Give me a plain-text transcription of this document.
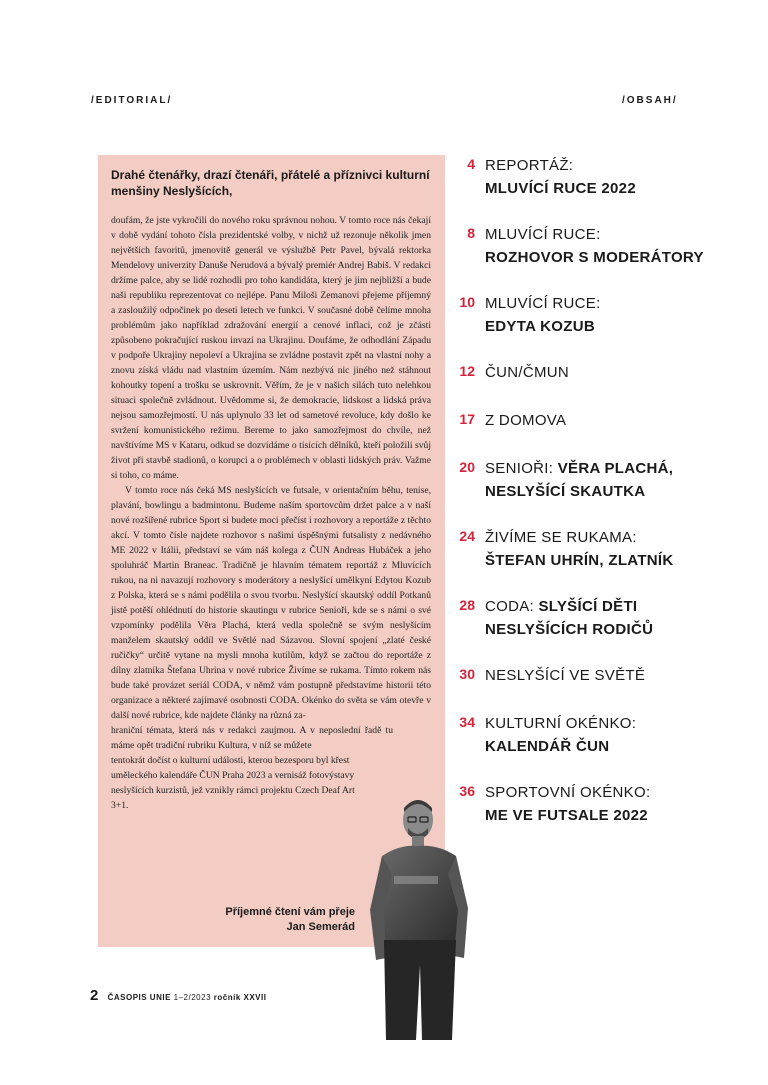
/EDITORIAL/	/OBSAH/
Drahé čtenářky, drazí čtenáři, přátelé a příznivci kulturní menšiny Neslyšících,

doufám, že jste vykročili do nového roku správnou nohou. V tomto roce nás čekají v době vydání tohoto čísla prezidentské volby, v nichž už rezonuje několik jmen největších favoritů, jmenovitě generál ve výslužbě Petr Pavel, bývalá rektorka Mendelovy univerzity Danuše Nerudová a bývalý premiér Andrej Babiš. V redakci držíme palce, aby se lidé rozhodli pro toho kandidáta, který je jim nejbližší a bude naši republiku reprezentovat co nejlépe. Panu Miloši Zemanovi přejeme příjemný a zasloužilý odpočinek po deseti letech ve funkci. V současné době čelíme mnoha problémům jako například zdražování energií a cenové inflaci, což je zčásti způsobeno pokračující ruskou invazí na Ukrajinu. Doufáme, že odhodlání Západu v podpoře Ukrajiny nepoleví a Ukrajina se zvládne postavit zpět na vlastní nohy a znovu získá vládu nad vlastním územím. Nám nezbývá nic jiného než stáhnout kohoutky topení a trošku se uskrovnit. Věřím, že je v našich silách tuto nelehkou situaci společně zvládnout. Uvědomme si, že demokracie, lidskost a lidská práva nejsou samozřejmostí. U nás uplynulo 33 let od sametové revoluce, kdy došlo ke svržení komunistického režimu. Bereme to jako samozřejmost do chvíle, než navštívíme MS v Kataru, odkud se dozvídáme o tisících dělníků, kteří položili svůj život při stavbě stadionů, o korupci a o problémech v oblasti lidských práv. Važme si toho, co máme.

V tomto roce nás čeká MS neslyšících ve futsale, v orientačním běhu, tenise, plavání, bowlingu a badmintonu. Budeme naším sportovcům držet palce a v naší nové rozšířené rubrice Sport si budete moci přečíst i rozhovory a reportáže z těchto akcí. V tomto čísle najdete rozhovor s našimi úspěšnými futsalisty z nedávného ME 2022 v Itálii, představí se vám náš kolega z ČUN Andreas Hubáček a jeho spoluhráč Martin Braneac. Tradičně je hlavním tématem reportáž z Mluvících rukou, na ni navazují rozhovory s moderátory a neslyšící umělkyní Edytou Kozub z Polska, která se s námi podělila o svou tvorbu. Neslyšící skautský oddíl Potkanů jistě potěší ohlédnutí do historie skautingu v rubrice Senioři, kde se s námi o své vzpomínky podělila Věra Plachá, která vedla společně se svým neslyšícím manželem skautský oddíl ve Světlé nad Sázavou. Slovní spojení „zlaté české ručičky“ určitě vytane na mysli mnoha kutilům, když se začtou do reportáže z dílny zlatníka Štefana Uhrina v nové rubrice Živíme se rukama. Tímto rokem nás bude také provázet seriál CODA, v němž vám postupně představíme historii této organizace a některé zajímavé osobnosti CODA. Okénko do světa se vám otevře v další nové rubrice, kde najdete články na různá za-

hraniční témata, která nás v redakci zaujmou. A v neposlední řadě tu máme opět tradiční rubriku Kultura, v níž se můžete

tentokrát dočíst o kulturní události, kterou bezesporu byl křest uměleckého kalendáře ČUN Praha 2023 a vernisáž fotovýstavy neslyšících kurzistů, jež vznikly rámci projektu Czech Deaf Art 3+1.

Příjemné čtení vám přeje
Jan Semerád
4 REPORTÁŽ:
MLUVÍCÍ RUCE 2022
8 MLUVÍCÍ RUCE:
ROZHOVOR S MODERÁTORY
10 MLUVÍCÍ RUCE:
EDYTA KOZUB
12 ČUN/ČMUN
17 Z DOMOVA
20 SENIOŘI: VĚRA PLACHÁ,
NESLYŠÍCÍ SKAUTKA
24 ŽIVÍME SE RUKAMA:
ŠTEFAN UHRÍN, ZLATNÍK
28 CODA: SLYŠÍCÍ DĚTI
NESLYŠÍCÍCH RODIČŮ
30 NESLYŠÍCÍ VE SVĚTĚ
34 KULTURNÍ OKÉNKO:
KALENDÁŘ ČUN
36 SPORTOVNÍ OKÉNKO:
ME VE FUTSALE 2022
2 ČASOPIS UNIE 1–2/2023 ročník XXVII
